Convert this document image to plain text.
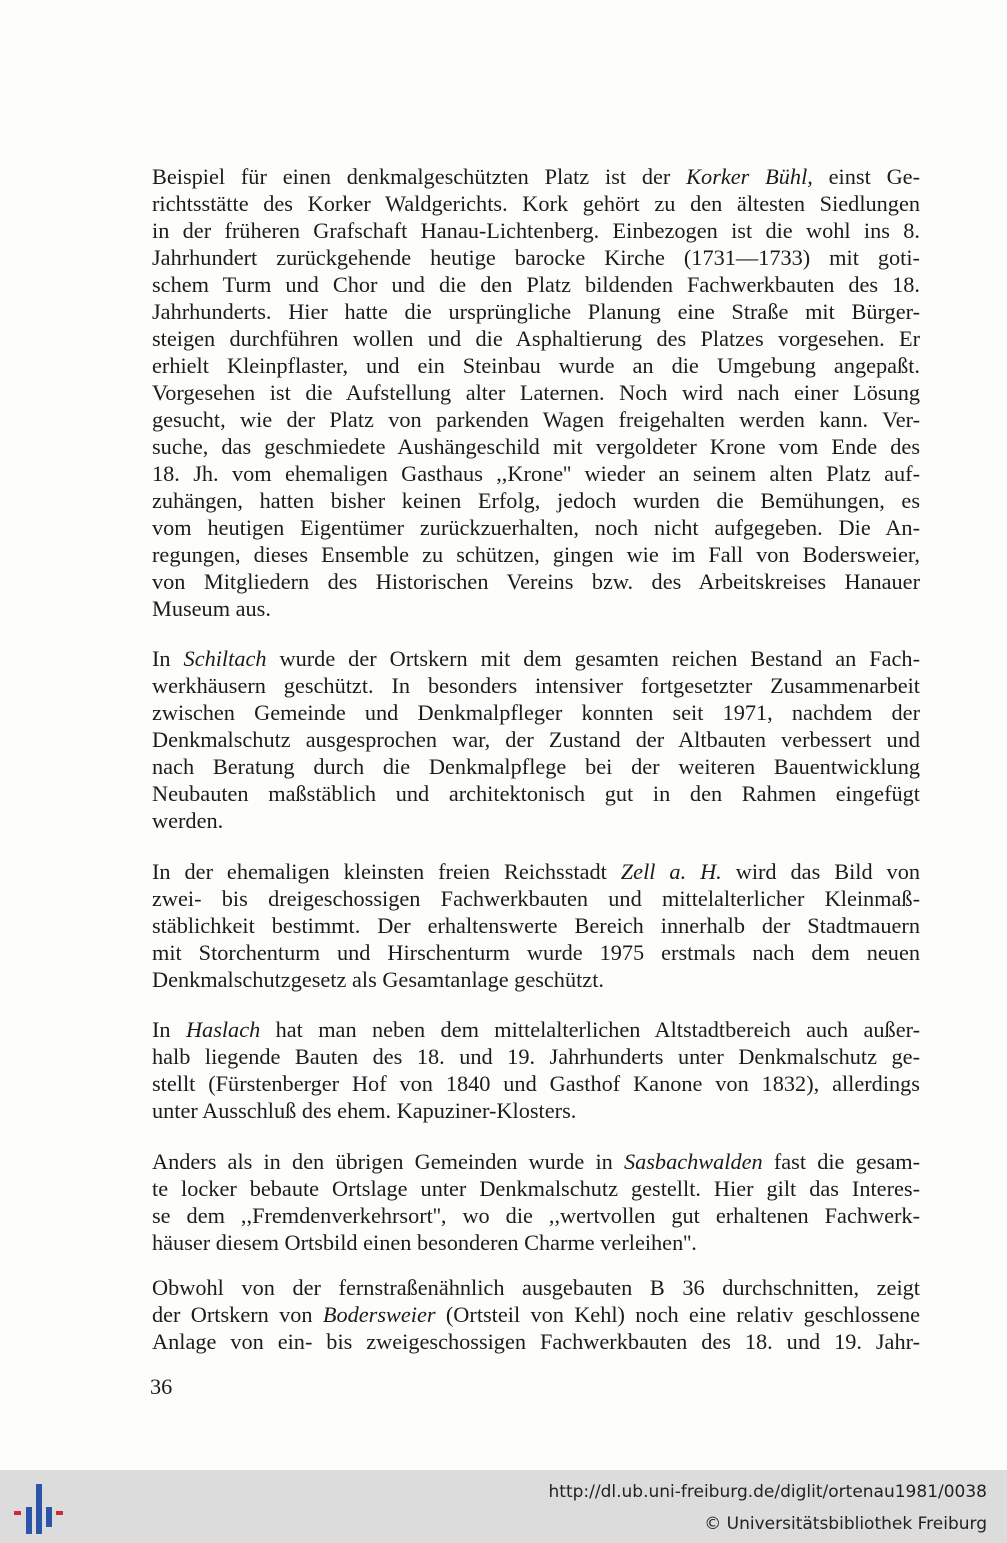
Beispiel für einen denkmalgeschützten Platz ist der Korker Bühl, einst Ge-
richtsstätte des Korker Waldgerichts. Kork gehört zu den ältesten Siedlungen
in der früheren Grafschaft Hanau-Lichtenberg. Einbezogen ist die wohl ins 8.
Jahrhundert zurückgehende heutige barocke Kirche (1731—1733) mit goti-
schem Turm und Chor und die den Platz bildenden Fachwerkbauten des 18.
Jahrhunderts. Hier hatte die ursprüngliche Planung eine Straße mit Bürger-
steigen durchführen wollen und die Asphaltierung des Platzes vorgesehen. Er
erhielt Kleinpflaster, und ein Steinbau wurde an die Umgebung angepaßt.
Vorgesehen ist die Aufstellung alter Laternen. Noch wird nach einer Lösung
gesucht, wie der Platz von parkenden Wagen freigehalten werden kann. Ver-
suche, das geschmiedete Aushängeschild mit vergoldeter Krone vom Ende des
18. Jh. vom ehemaligen Gasthaus ,,Krone'' wieder an seinem alten Platz auf-
zuhängen, hatten bisher keinen Erfolg, jedoch wurden die Bemühungen, es
vom heutigen Eigentümer zurückzuerhalten, noch nicht aufgegeben. Die An-
regungen, dieses Ensemble zu schützen, gingen wie im Fall von Bodersweier,
von Mitgliedern des Historischen Vereins bzw. des Arbeitskreises Hanauer
Museum aus.
In Schiltach wurde der Ortskern mit dem gesamten reichen Bestand an Fach-
werkhäusern geschützt. In besonders intensiver fortgesetzter Zusammenarbeit
zwischen Gemeinde und Denkmalpfleger konnten seit 1971, nachdem der
Denkmalschutz ausgesprochen war, der Zustand der Altbauten verbessert und
nach Beratung durch die Denkmalpflege bei der weiteren Bauentwicklung
Neubauten maßstäblich und architektonisch gut in den Rahmen eingefügt
werden.
In der ehemaligen kleinsten freien Reichsstadt Zell a. H. wird das Bild von
zwei- bis dreigeschossigen Fachwerkbauten und mittelalterlicher Kleinmaß-
stäblichkeit bestimmt. Der erhaltenswerte Bereich innerhalb der Stadtmauern
mit Storchenturm und Hirschenturm wurde 1975 erstmals nach dem neuen
Denkmalschutzgesetz als Gesamtanlage geschützt.
In Haslach hat man neben dem mittelalterlichen Altstadtbereich auch außer-
halb liegende Bauten des 18. und 19. Jahrhunderts unter Denkmalschutz ge-
stellt (Fürstenberger Hof von 1840 und Gasthof Kanone von 1832), allerdings
unter Ausschluß des ehem. Kapuziner-Klosters.
Anders als in den übrigen Gemeinden wurde in Sasbachwalden fast die gesam-
te locker bebaute Ortslage unter Denkmalschutz gestellt. Hier gilt das Interes-
se dem ,,Fremdenverkehrsort'', wo die ,,wertvollen gut erhaltenen Fachwerk-
häuser diesem Ortsbild einen besonderen Charme verleihen''.
Obwohl von der fernstraßenähnlich ausgebauten B 36 durchschnitten, zeigt
der Ortskern von Bodersweier (Ortsteil von Kehl) noch eine relativ geschlossene
Anlage von ein- bis zweigeschossigen Fachwerkbauten des 18. und 19. Jahr-
36
http://dl.ub.uni-freiburg.de/diglit/ortenau1981/0038
© Universitätsbibliothek Freiburg
